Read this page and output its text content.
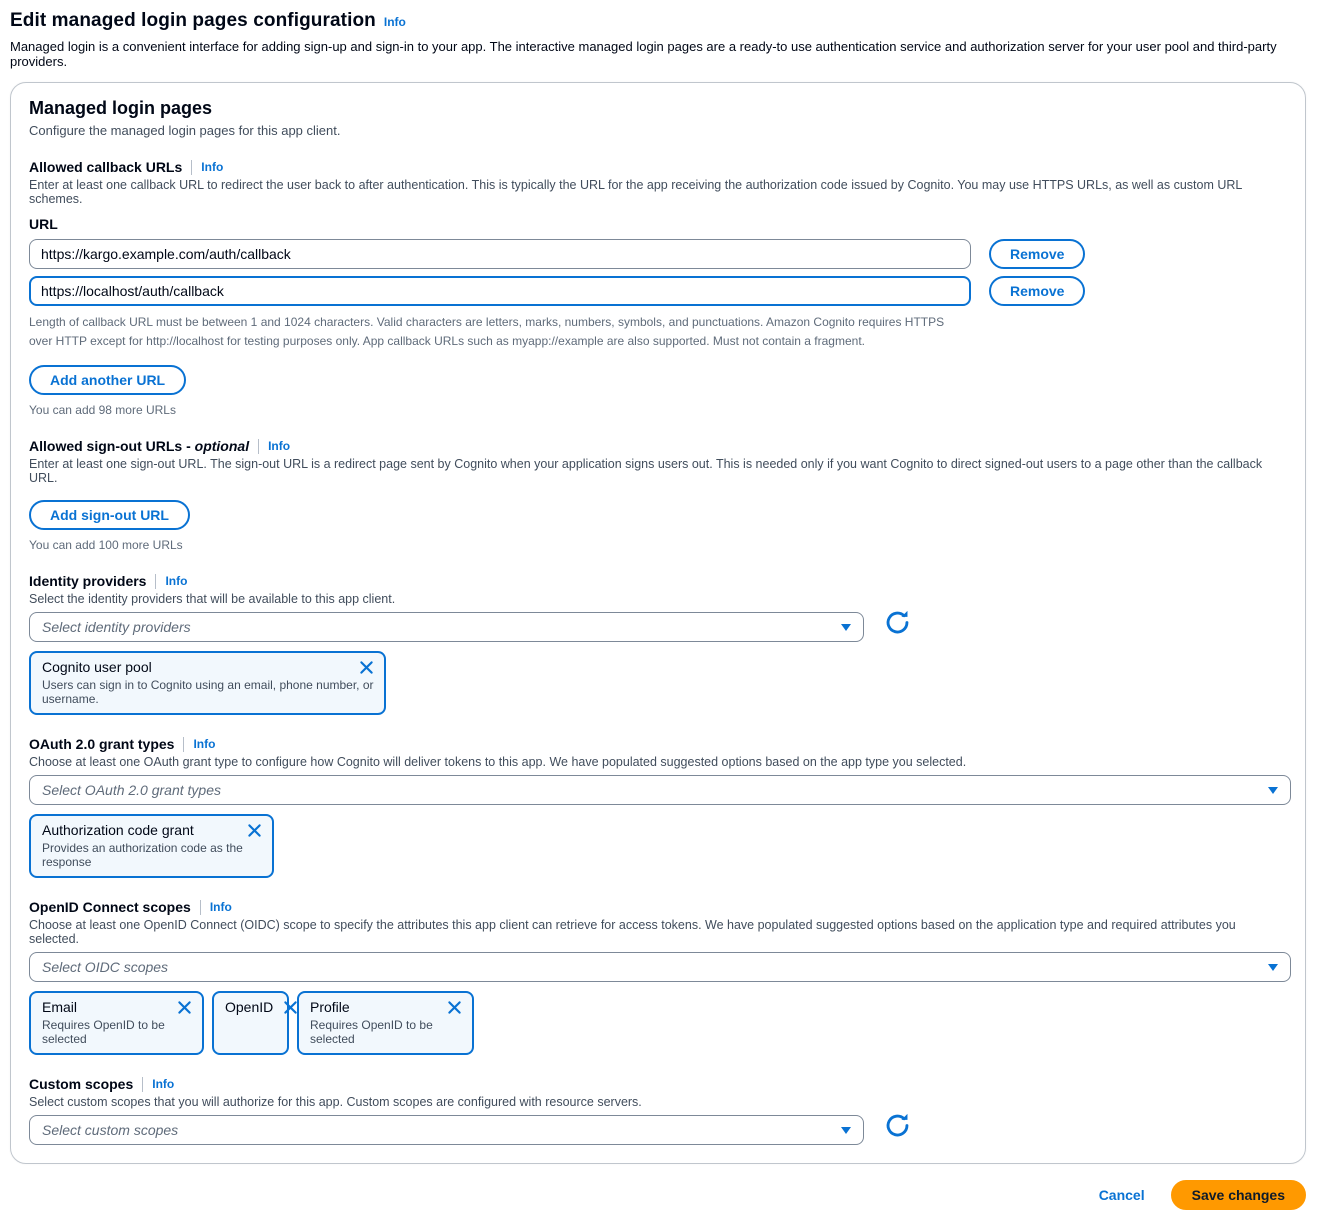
Edit managed login pages configuration Info

Managed login is a convenient interface for adding sign-up and sign-in to your app. The interactive managed login pages are a ready-to use authentication service and authorization server for your user pool and third-party providers.

Managed login pages

Configure the managed login pages for this app client.

Allowed callback URLs Info

Enter at least one callback URL to redirect the user back to after authentication. This is typically the URL for the app receiving the authorization code issued by Cognito. You may use HTTPS URLs, as well as custom URL schemes.

URL
https://kargo.example.com/auth/callback
Remove
https://localhost/auth/callback
Remove

Length of callback URL must be between 1 and 1024 characters. Valid characters are letters, marks, numbers, symbols, and punctuations. Amazon Cognito requires HTTPS over HTTP except for http://localhost for testing purposes only. App callback URLs such as myapp://example are also supported. Must not contain a fragment.

Add another URL

You can add 98 more URLs

Allowed sign-out URLs - optional Info

Enter at least one sign-out URL. The sign-out URL is a redirect page sent by Cognito when your application signs users out. This is needed only if you want Cognito to direct signed-out users to a page other than the callback URL.

Add sign-out URL

You can add 100 more URLs

Identity providers Info

Select the identity providers that will be available to this app client.

Select identity providers
Cognito user pool
Users can sign in to Cognito using an email, phone number, or username.
OAuth 2.0 grant types Info

Choose at least one OAuth grant type to configure how Cognito will deliver tokens to this app. We have populated suggested options based on the app type you selected.

Select OAuth 2.0 grant types
Authorization code grant
Provides an authorization code as the response
OpenID Connect scopes Info

Choose at least one OpenID Connect (OIDC) scope to specify the attributes this app client can retrieve for access tokens. We have populated suggested options based on the application type and required attributes you selected.

Select OIDC scopes
Email
Requires OpenID to be selected
OpenID	Profile
Requires OpenID to be selected
Custom scopes Info

Select custom scopes that you will authorize for this app. Custom scopes are configured with resource servers.

Select custom scopes
Cancel	Save changes
